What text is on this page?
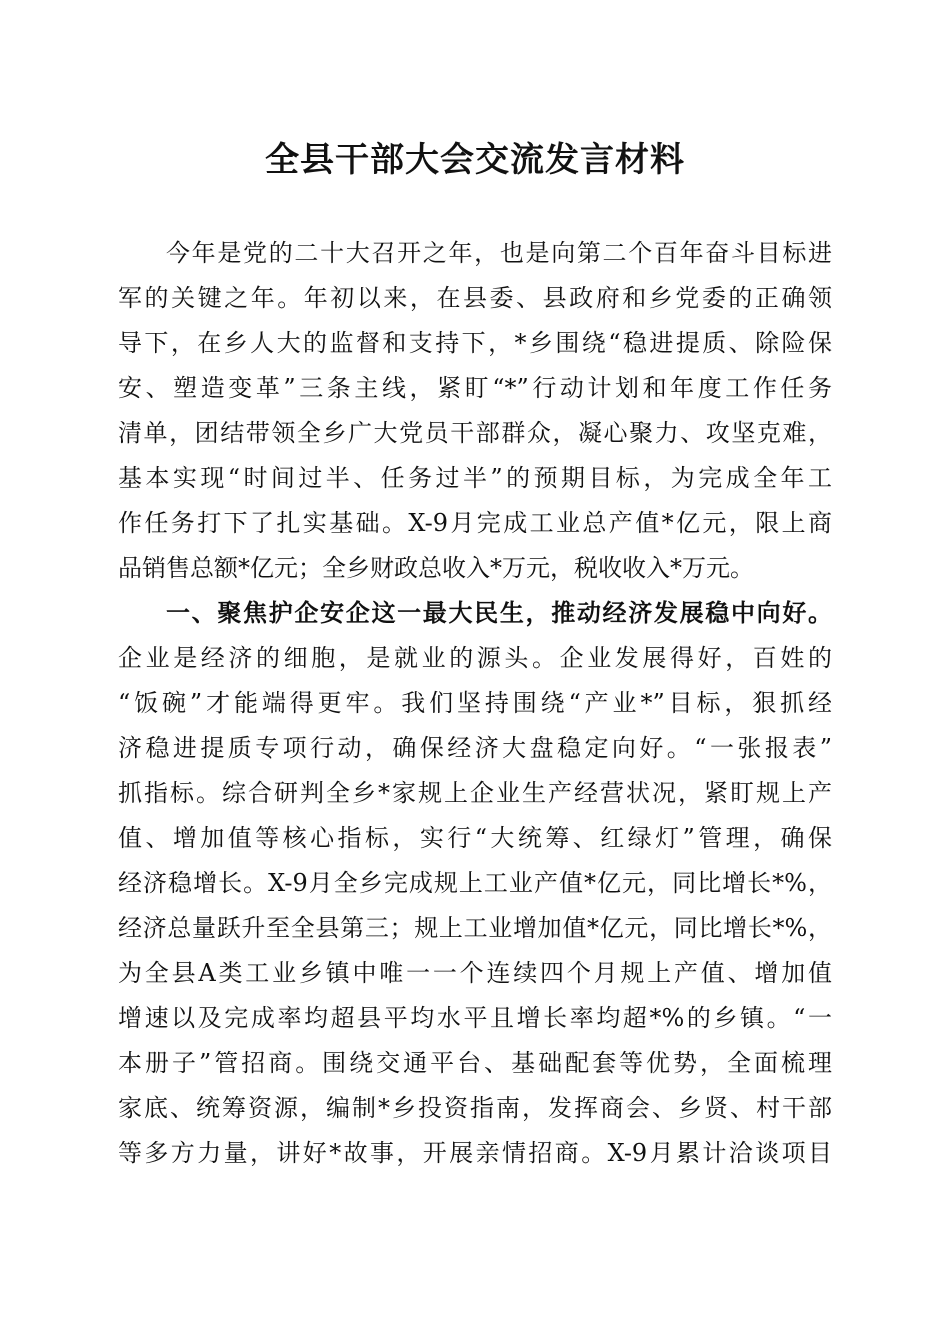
全县干部大会交流发言材料
今年是党的二十大召开之年，也是向第二个百年奋斗目标进
军的关键之年。年初以来，在县委、县政府和乡党委的正确领
导下，在乡人大的监督和支持下，*乡围绕“稳进提质、除险保
安、塑造变革”三条主线，紧盯“*”行动计划和年度工作任务
清单，团结带领全乡广大党员干部群众，凝心聚力、攻坚克难，
基本实现“时间过半、任务过半”的预期目标，为完成全年工
作任务打下了扎实基础。X-9月完成工业总产值*亿元，限上商
品销售总额*亿元；全乡财政总收入*万元，税收收入*万元。
一、聚焦护企安企这一最大民生，推动经济发展稳中向好。
企业是经济的细胞，是就业的源头。企业发展得好，百姓的
“饭碗”才能端得更牢。我们坚持围绕“产业*”目标，狠抓经
济稳进提质专项行动，确保经济大盘稳定向好。“一张报表”
抓指标。综合研判全乡*家规上企业生产经营状况，紧盯规上产
值、增加值等核心指标，实行“大统筹、红绿灯”管理，确保
经济稳增长。X-9月全乡完成规上工业产值*亿元，同比增长*%，
经济总量跃升至全县第三；规上工业增加值*亿元，同比增长*%，
为全县A类工业乡镇中唯一一个连续四个月规上产值、增加值
增速以及完成率均超县平均水平且增长率均超*%的乡镇。“一
本册子”管招商。围绕交通平台、基础配套等优势，全面梳理
家底、统筹资源，编制*乡投资指南，发挥商会、乡贤、村干部
等多方力量，讲好*故事，开展亲情招商。X-9月累计洽谈项目
